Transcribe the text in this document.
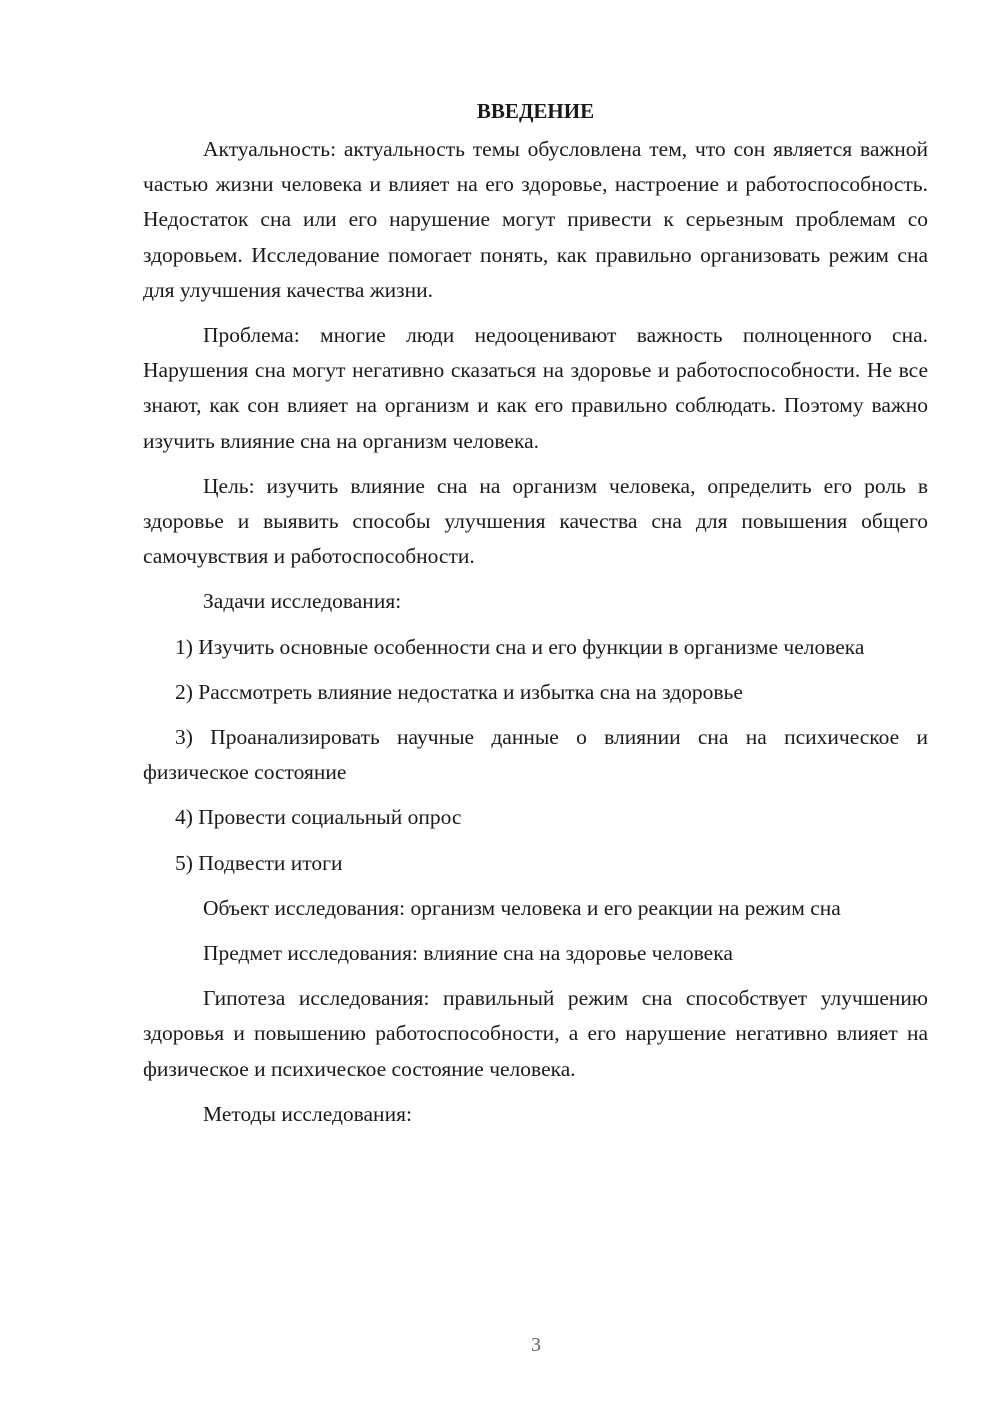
ВВЕДЕНИЕ

Актуальность: актуальность темы обусловлена тем, что сон является важной частью жизни человека и влияет на его здоровье, настроение и работоспособность. Недостаток сна или его нарушение могут привести к серьезным проблемам со здоровьем. Исследование помогает понять, как правильно организовать режим сна для улучшения качества жизни.

Проблема: многие люди недооценивают важность полноценного сна. Нарушения сна могут негативно сказаться на здоровье и работоспособности. Не все знают, как сон влияет на организм и как его правильно соблюдать. Поэтому важно изучить влияние сна на организм человека.

Цель: изучить влияние сна на организм человека, определить его роль в здоровье и выявить способы улучшения качества сна для повышения общего самочувствия и работоспособности.

Задачи исследования:

1) Изучить основные особенности сна и его функции в организме человека

2) Рассмотреть влияние недостатка и избытка сна на здоровье

3) Проанализировать научные данные о влиянии сна на психическое и физическое состояние

4) Провести социальный опрос

5) Подвести итоги

Объект исследования: организм человека и его реакции на режим сна

Предмет исследования: влияние сна на здоровье человека

Гипотеза исследования: правильный режим сна способствует улучшению здоровья и повышению работоспособности, а его нарушение негативно влияет на физическое и психическое состояние человека.

Методы исследования:

3
